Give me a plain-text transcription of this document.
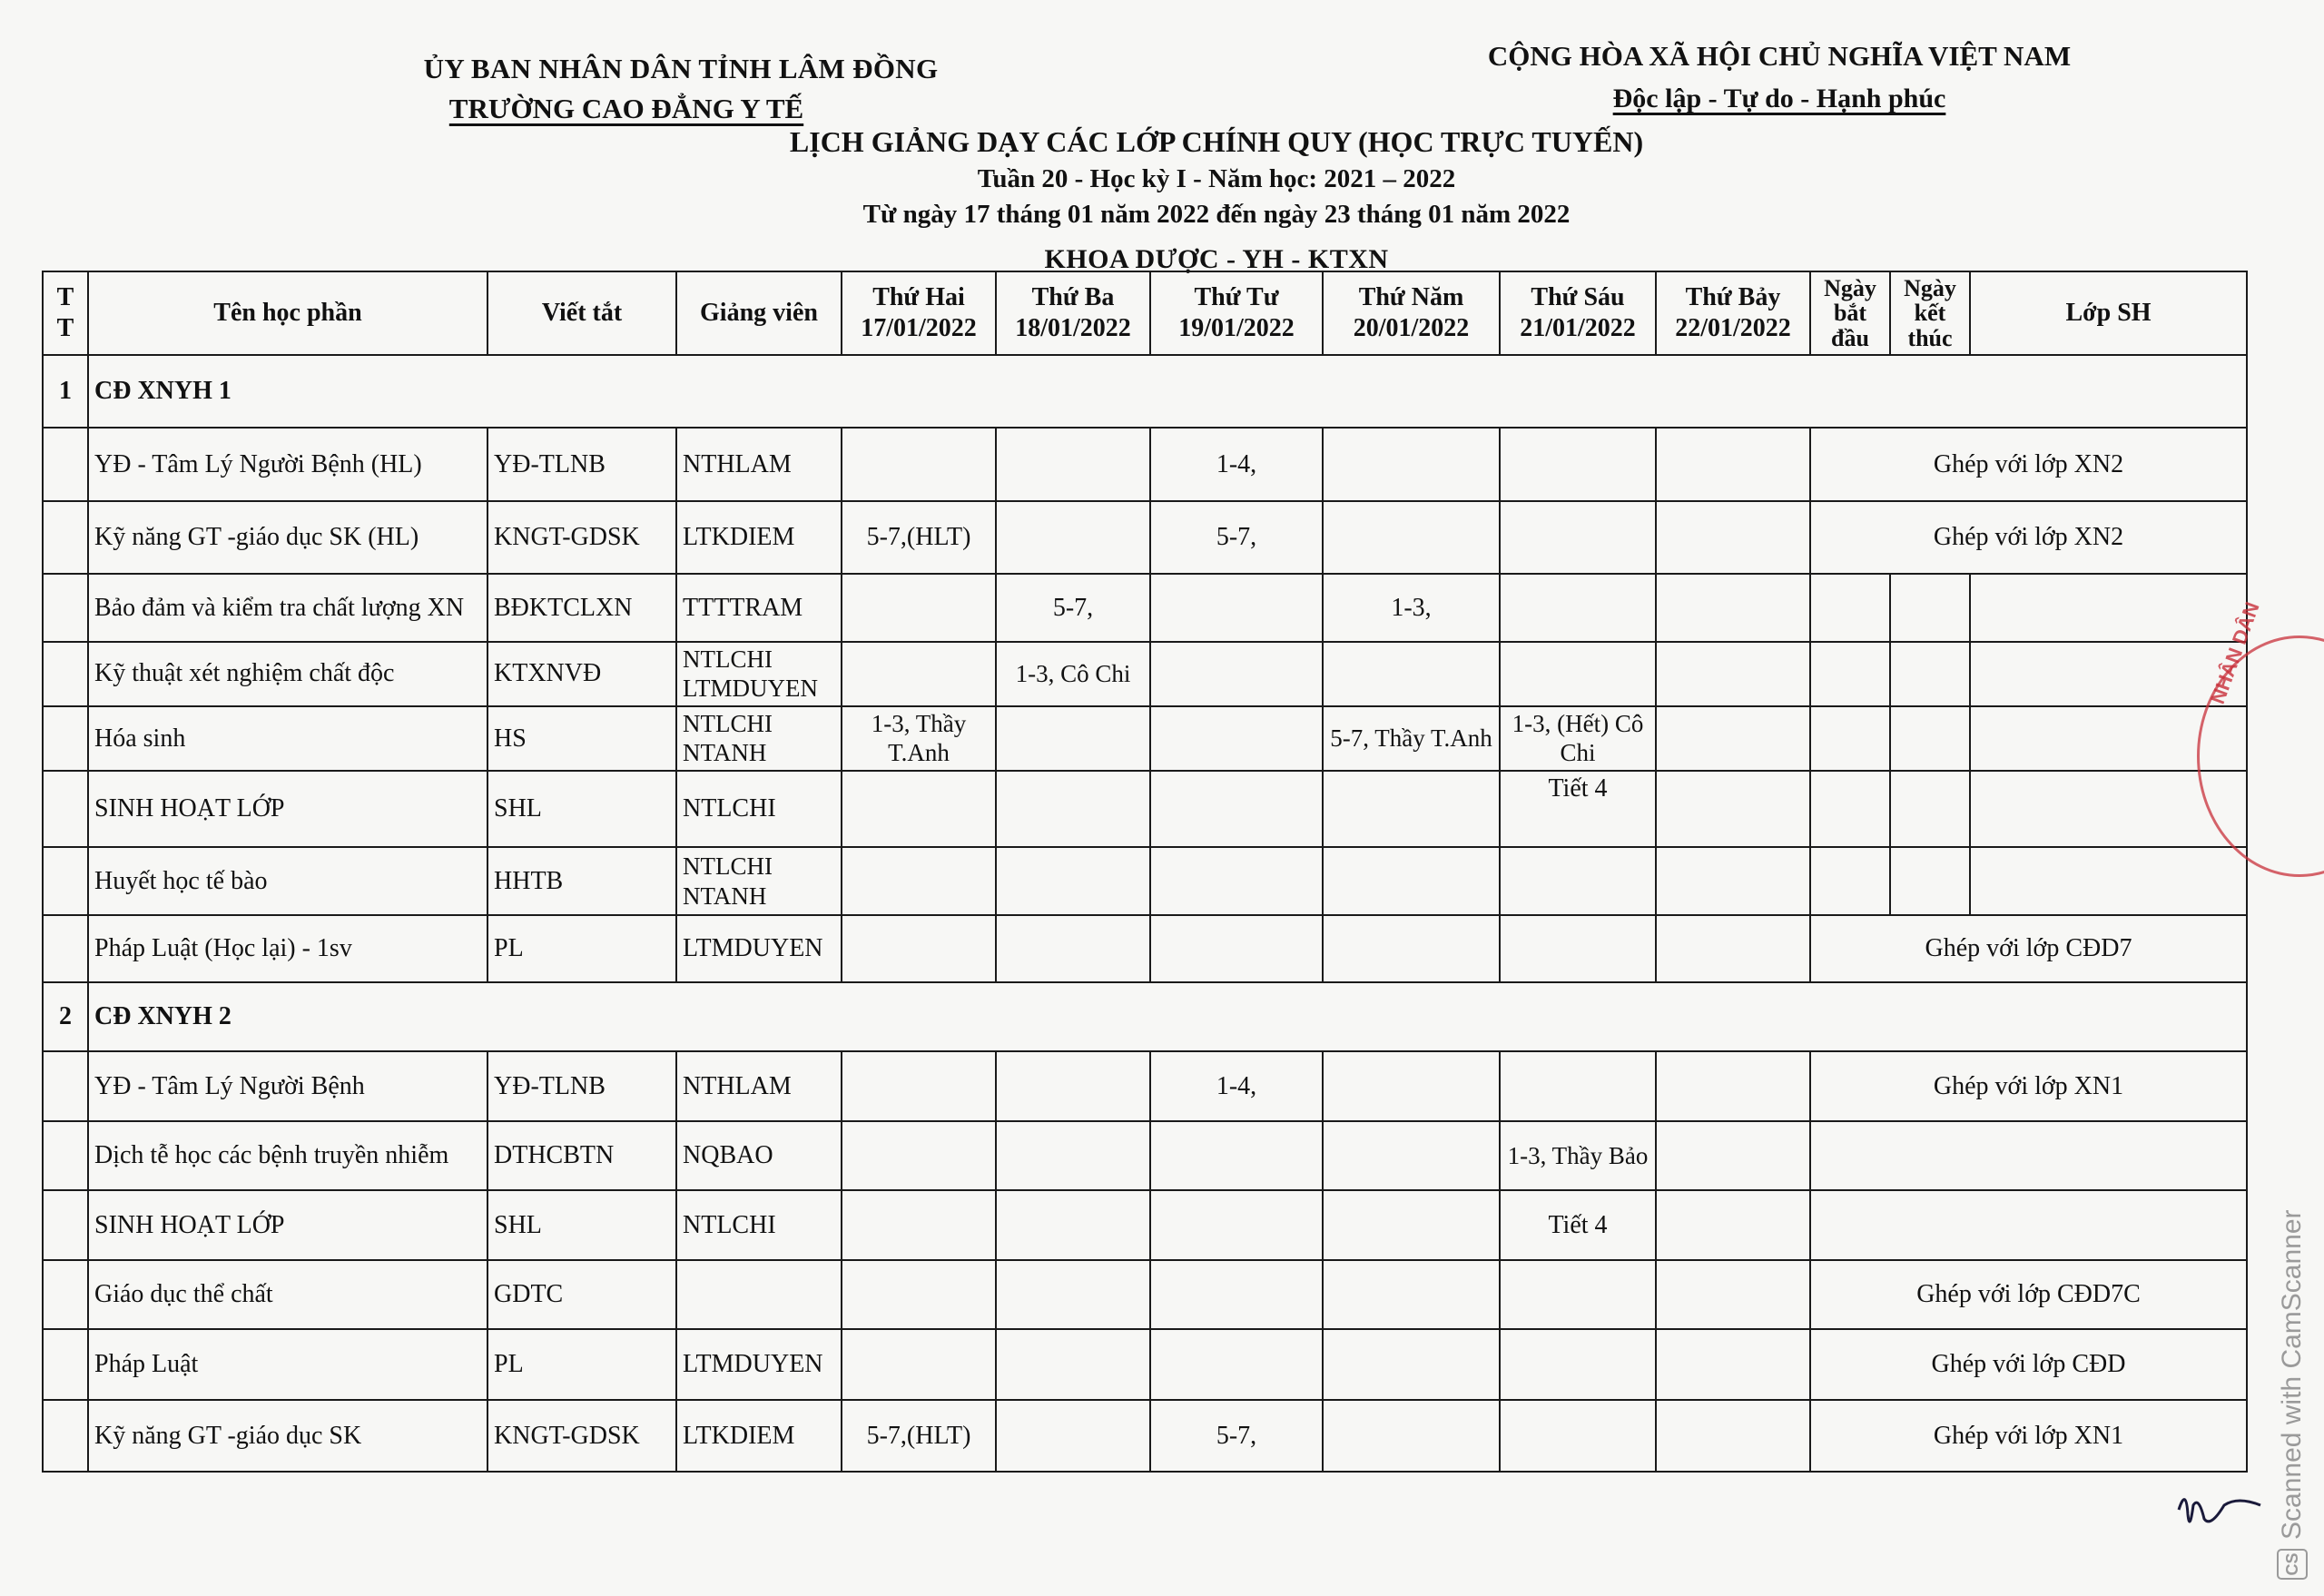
ỦY BAN NHÂN DÂN TỈNH LÂM ĐỒNG
TRƯỜNG CAO ĐẲNG Y TẾ
CỘNG HÒA XÃ HỘI CHỦ NGHĨA VIỆT NAM
Độc lập - Tự do - Hạnh phúc
LỊCH GIẢNG DẠY CÁC LỚP CHÍNH QUY (HỌC TRỰC TUYẾN)
Tuần 20 - Học kỳ I - Năm học: 2021 – 2022
Từ ngày 17 tháng 01 năm 2022 đến ngày 23 tháng 01 năm 2022
KHOA DƯỢC - YH - KTXN
T T	Tên học phần	Viết tắt	Giảng viên	Thứ Hai 17/01/2022	Thứ Ba 18/01/2022	Thứ Tư 19/01/2022	Thứ Năm 20/01/2022	Thứ Sáu 21/01/2022	Thứ Bảy 22/01/2022	Ngày bắt đầu	Ngày kết thúc	Lớp SH
1	CĐ XNYH 1											
	YĐ - Tâm Lý Người Bệnh (HL)	YĐ-TLNB	NTHLAM			1-4,				Ghép với lớp XN2		
	Kỹ năng GT -giáo dục SK (HL)	KNGT-GDSK	LTKDIEM	5-7,(HLT)		5-7,				Ghép với lớp XN2		
	Bảo đảm và kiểm tra chất lượng XN	BĐKTCLXN	TTTTRAM		5-7,		1-3,					
	Kỹ thuật xét nghiệm chất độc	KTXNVĐ	NTLCHI LTMDUYEN		1-3, Cô Chi							
	Hóa sinh	HS	NTLCHI NTANH	1-3, Thầy T.Anh			5-7, Thầy T.Anh	1-3, (Hết) Cô Chi				
	SINH HOẠT LỚP	SHL	NTLCHI					Tiết 4				
	Huyết học tế bào	HHTB	NTLCHI NTANH									
	Pháp Luật (Học lại) - 1sv	PL	LTMDUYEN							Ghép với lớp CĐD7		
2	CĐ XNYH 2											
	YĐ - Tâm Lý Người Bệnh	YĐ-TLNB	NTHLAM			1-4,				Ghép với lớp XN1		
	Dịch tễ học các bệnh truyền nhiễm	DTHCBTN	NQBAO					1-3, Thầy Bảo				
	SINH HOẠT LỚP	SHL	NTLCHI					Tiết 4				
	Giáo dục thể chất	GDTC								Ghép với lớp CĐD7C		
	Pháp Luật	PL	LTMDUYEN							Ghép với lớp CĐD		
	Kỹ năng GT -giáo dục SK	KNGT-GDSK	LTKDIEM	5-7,(HLT)		5-7,				Ghép với lớp XN1		
NHÂN DÂN
CS
Scanned with CamScanner
